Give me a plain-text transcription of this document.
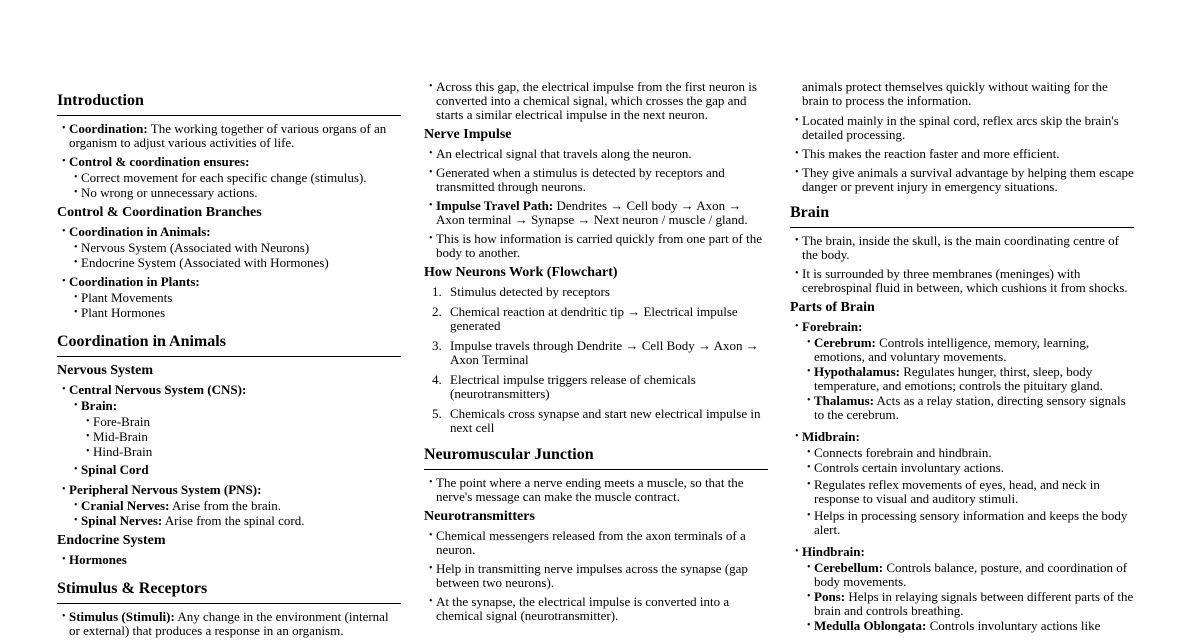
Introduction
• Coordination: The working together of various organs of an organism to adjust various activities of life.
• Control & coordination ensures:
• Correct movement for each specific change (stimulus).
• No wrong or unnecessary actions.
Control & Coordination Branches
• Coordination in Animals:
• Nervous System (Associated with Neurons)
• Endocrine System (Associated with Hormones)
• Coordination in Plants:
• Plant Movements
• Plant Hormones
Coordination in Animals
Nervous System
• Central Nervous System (CNS):
• Brain:
• Fore-Brain
• Mid-Brain
• Hind-Brain
• Spinal Cord
• Peripheral Nervous System (PNS):
• Cranial Nerves: Arise from the brain.
• Spinal Nerves: Arise from the spinal cord.
Endocrine System
• Hormones
Stimulus & Receptors
• Stimulus (Stimuli): Any change in the environment (internal or external) that produces a response in an organism.
• Across this gap, the electrical impulse from the first neuron is converted into a chemical signal, which crosses the gap and starts a similar electrical impulse in the next neuron.
Nerve Impulse
• An electrical signal that travels along the neuron.
• Generated when a stimulus is detected by receptors and transmitted through neurons.
• Impulse Travel Path: Dendrites → Cell body → Axon → Axon terminal → Synapse → Next neuron / muscle / gland.
• This is how information is carried quickly from one part of the body to another.
How Neurons Work (Flowchart)
1. Stimulus detected by receptors
2. Chemical reaction at dendritic tip → Electrical impulse generated
3. Impulse travels through Dendrite → Cell Body → Axon → Axon Terminal
4. Electrical impulse triggers release of chemicals (neurotransmitters)
5. Chemicals cross synapse and start new electrical impulse in next cell
Neuromuscular Junction
• The point where a nerve ending meets a muscle, so that the nerve's message can make the muscle contract.
Neurotransmitters
• Chemical messengers released from the axon terminals of a neuron.
• Help in transmitting nerve impulses across the synapse (gap between two neurons).
• At the synapse, the electrical impulse is converted into a chemical signal (neurotransmitter).
animals protect themselves quickly without waiting for the brain to process the information.
• Located mainly in the spinal cord, reflex arcs skip the brain's detailed processing.
• This makes the reaction faster and more efficient.
• They give animals a survival advantage by helping them escape danger or prevent injury in emergency situations.
Brain
• The brain, inside the skull, is the main coordinating centre of the body.
• It is surrounded by three membranes (meninges) with cerebrospinal fluid in between, which cushions it from shocks.
Parts of Brain
• Forebrain:
• Cerebrum: Controls intelligence, memory, learning, emotions, and voluntary movements.
• Hypothalamus: Regulates hunger, thirst, sleep, body temperature, and emotions; controls the pituitary gland.
• Thalamus: Acts as a relay station, directing sensory signals to the cerebrum.
• Midbrain:
• Connects forebrain and hindbrain.
• Controls certain involuntary actions.
• Regulates reflex movements of eyes, head, and neck in response to visual and auditory stimuli.
• Helps in processing sensory information and keeps the body alert.
• Hindbrain:
• Cerebellum: Controls balance, posture, and coordination of body movements.
• Pons: Helps in relaying signals between different parts of the brain and controls breathing.
• Medulla Oblongata: Controls involuntary actions like
